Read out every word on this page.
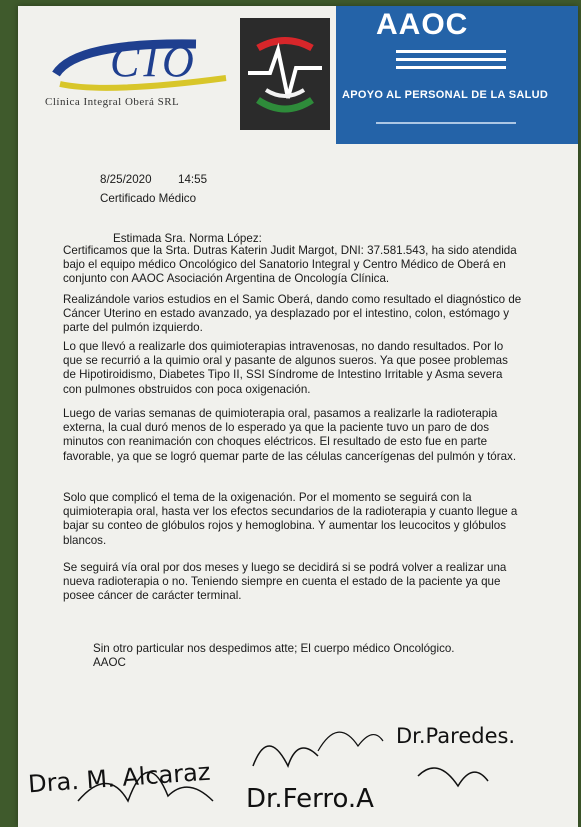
CIO
Clínica Integral Oberá SRL
AAOC
APOYO AL PERSONAL DE LA SALUD
8/25/2020 14:55
Certificado Médico
Estimada Sra. Norma López:
Certificamos que la Srta. Dutras Katerin Judit Margot, DNI: 37.581.543, ha sido atendida bajo el equipo médico Oncológico del Sanatorio Integral y Centro Médico de Oberá en conjunto con AAOC Asociación Argentina de Oncología Clínica.
Realizándole varios estudios en el Samic Oberá, dando como resultado el diagnóstico de Cáncer Uterino en estado avanzado, ya desplazado por el intestino, colon, estómago y parte del pulmón izquierdo.
Lo que llevó a realizarle dos quimioterapias intravenosas, no dando resultados. Por lo que se recurrió a la quimio oral y pasante de algunos sueros. Ya que posee problemas de Hipotiroidismo, Diabetes Tipo II, SSI Síndrome de Intestino Irritable y Asma severa con pulmones obstruidos con poca oxigenación.
Luego de varias semanas de quimioterapia oral, pasamos a realizarle la radioterapia externa, la cual duró menos de lo esperado ya que la paciente tuvo un paro de dos minutos con reanimación con choques eléctricos. El resultado de esto fue en parte favorable, ya que se logró quemar parte de las células cancerígenas del pulmón y tórax.
Solo que complicó el tema de la oxigenación. Por el momento se seguirá con la quimioterapia oral, hasta ver los efectos secundarios de la radioterapia y cuanto llegue a bajar su conteo de glóbulos rojos y hemoglobina. Y aumentar los leucocitos y glóbulos blancos.
Se seguirá vía oral por dos meses y luego se decidirá si se podrá volver a realizar una nueva radioterapia o no. Teniendo siempre en cuenta el estado de la paciente ya que posee cáncer de carácter terminal.
Sin otro particular nos despedimos atte; El cuerpo médico Oncológico.
AAOC
Dra. M. Alcaraz
Dr.Ferro.A
Dr.Paredes.
